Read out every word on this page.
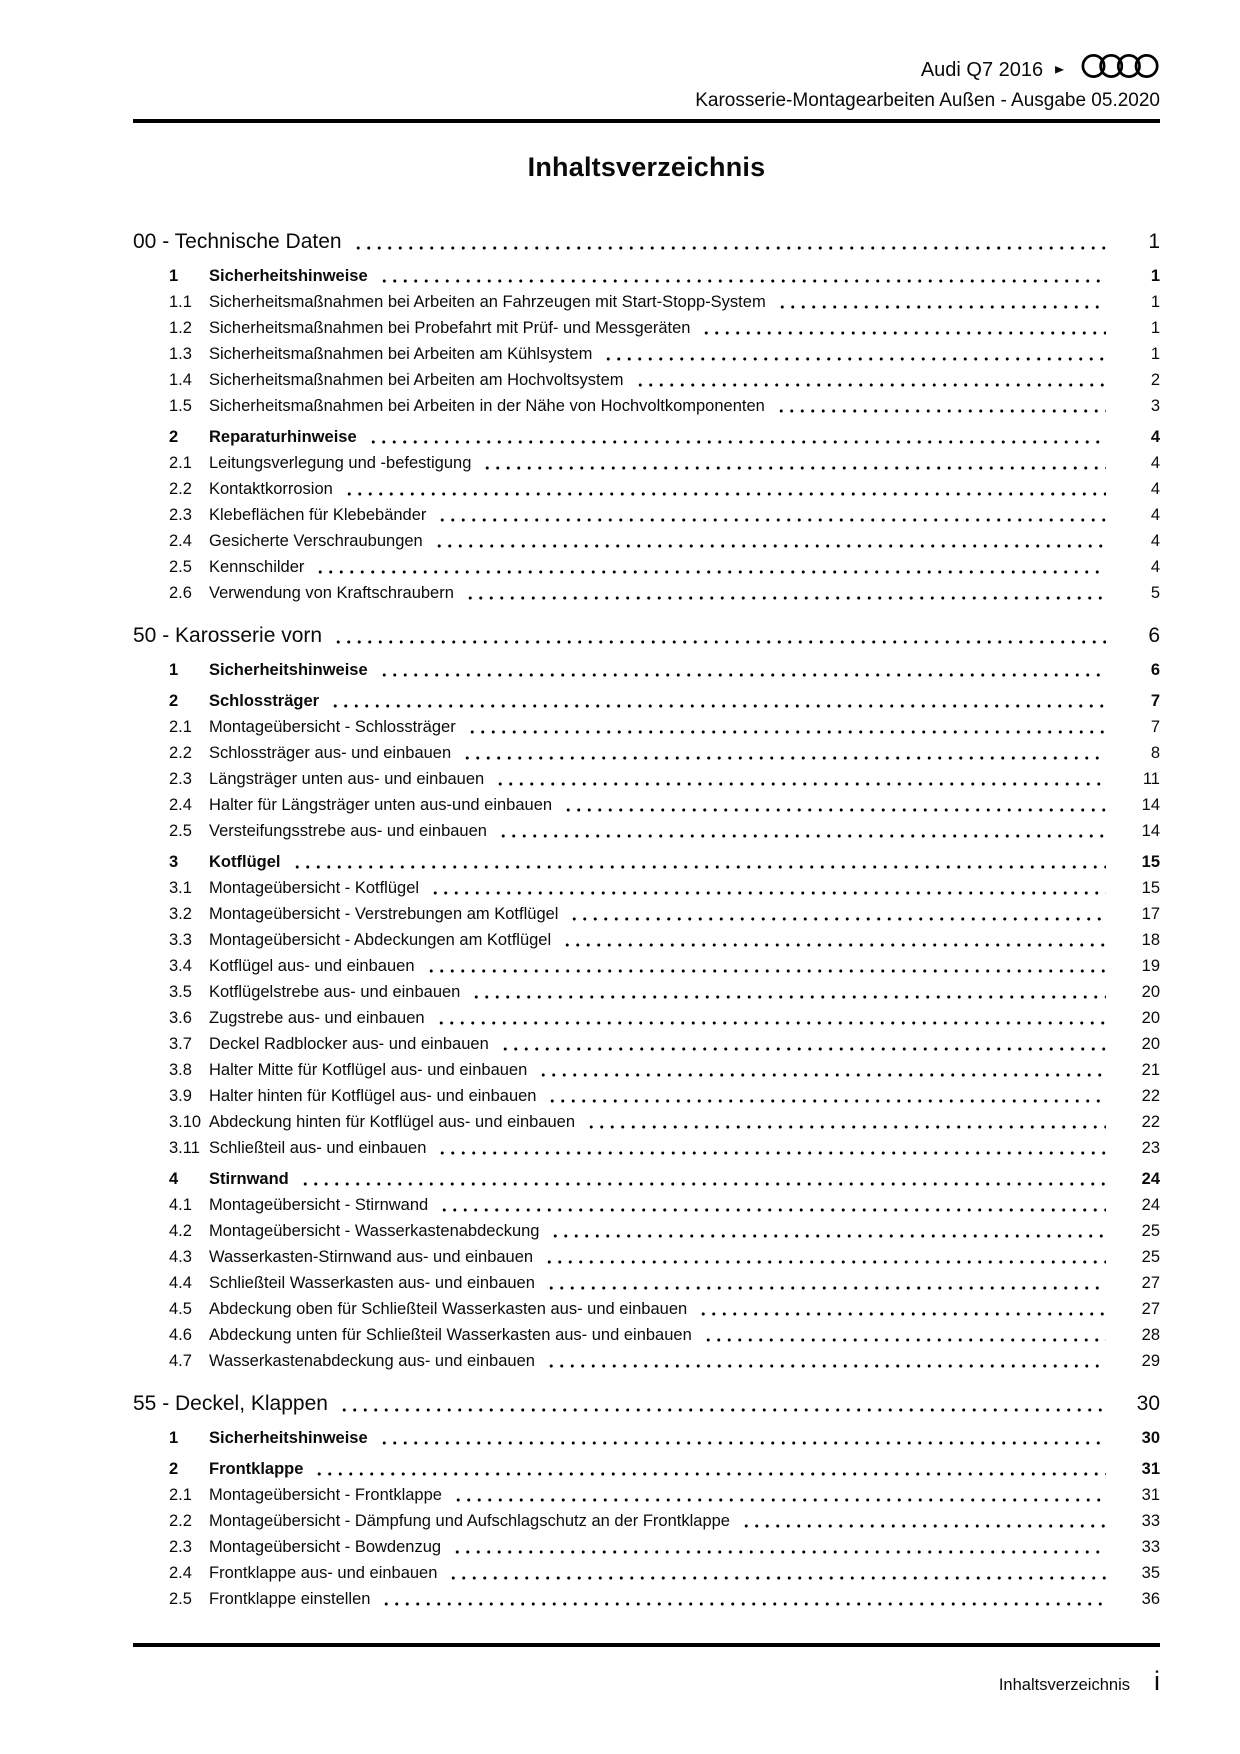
Audi Q7 2016 ►
Karosserie-Montagearbeiten Außen - Ausgabe 05.2020
Inhaltsverzeichnis
00 - Technische Daten	1
1	Sicherheitshinweise	1
1.1	Sicherheitsmaßnahmen bei Arbeiten an Fahrzeugen mit Start-Stopp-System	1
1.2	Sicherheitsmaßnahmen bei Probefahrt mit Prüf- und Messgeräten	1
1.3	Sicherheitsmaßnahmen bei Arbeiten am Kühlsystem	1
1.4	Sicherheitsmaßnahmen bei Arbeiten am Hochvoltsystem	2
1.5	Sicherheitsmaßnahmen bei Arbeiten in der Nähe von Hochvoltkomponenten	3
2	Reparaturhinweise	4
2.1	Leitungsverlegung und -befestigung	4
2.2	Kontaktkorrosion	4
2.3	Klebeflächen für Klebebänder	4
2.4	Gesicherte Verschraubungen	4
2.5	Kennschilder	4
2.6	Verwendung von Kraftschraubern	5
50 - Karosserie vorn	6
1	Sicherheitshinweise	6
2	Schlossträger	7
2.1	Montageübersicht - Schlossträger	7
2.2	Schlossträger aus- und einbauen	8
2.3	Längsträger unten aus- und einbauen	11
2.4	Halter für Längsträger unten aus-und einbauen	14
2.5	Versteifungsstrebe aus- und einbauen	14
3	Kotflügel	15
3.1	Montageübersicht - Kotflügel	15
3.2	Montageübersicht - Verstrebungen am Kotflügel	17
3.3	Montageübersicht - Abdeckungen am Kotflügel	18
3.4	Kotflügel aus- und einbauen	19
3.5	Kotflügelstrebe aus- und einbauen	20
3.6	Zugstrebe aus- und einbauen	20
3.7	Deckel Radblocker aus- und einbauen	20
3.8	Halter Mitte für Kotflügel aus- und einbauen	21
3.9	Halter hinten für Kotflügel aus- und einbauen	22
3.10 Abdeckung hinten für Kotflügel aus- und einbauen	22
3.11 Schließteil aus- und einbauen	23
4	Stirnwand	24
4.1	Montageübersicht - Stirnwand	24
4.2	Montageübersicht - Wasserkastenabdeckung	25
4.3	Wasserkasten-Stirnwand aus- und einbauen	25
4.4	Schließteil Wasserkasten aus- und einbauen	27
4.5	Abdeckung oben für Schließteil Wasserkasten aus- und einbauen	27
4.6	Abdeckung unten für Schließteil Wasserkasten aus- und einbauen	28
4.7	Wasserkastenabdeckung aus- und einbauen	29
55 - Deckel, Klappen	30
1	Sicherheitshinweise	30
2	Frontklappe	31
2.1	Montageübersicht - Frontklappe	31
2.2	Montageübersicht - Dämpfung und Aufschlagschutz an der Frontklappe	33
2.3	Montageübersicht - Bowdenzug	33
2.4	Frontklappe aus- und einbauen	35
2.5	Frontklappe einstellen	36
Inhaltsverzeichnis i
